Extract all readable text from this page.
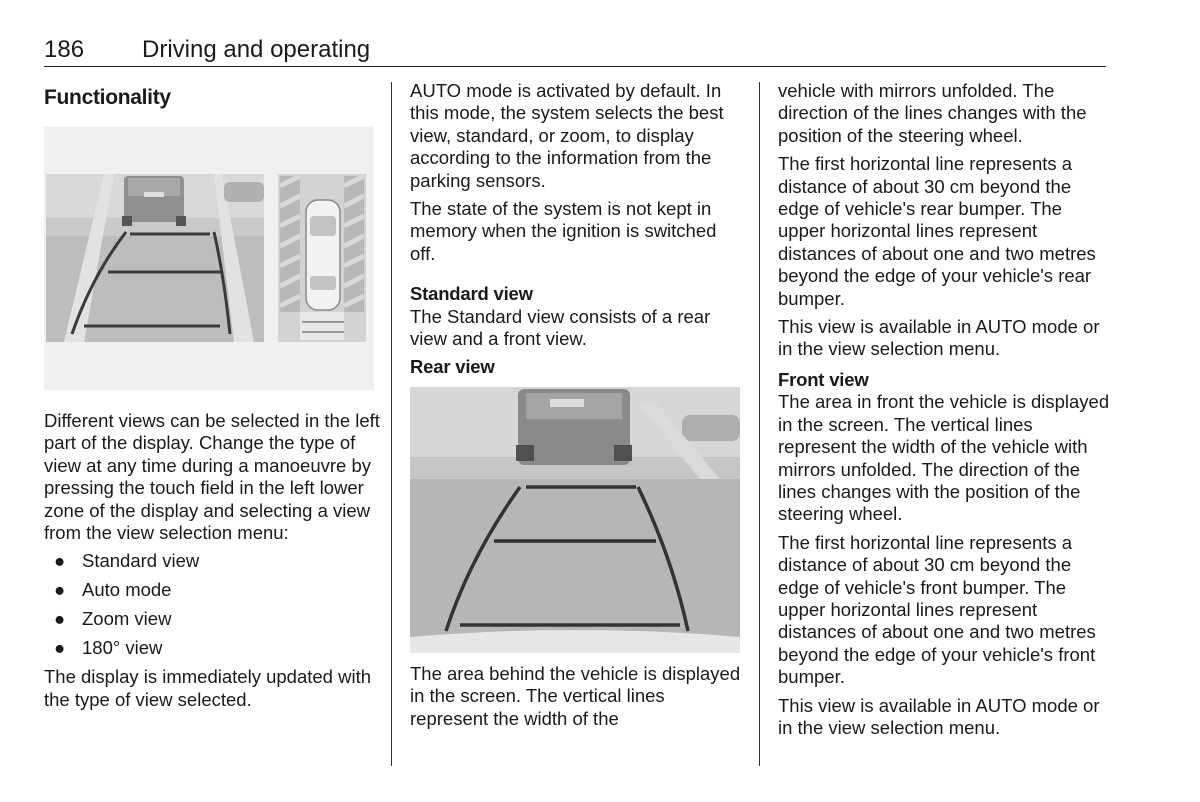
186 Driving and operating
Functionality

Different views can be selected in the left part of the display. Change the type of view at any time during a manoeuvre by pressing the touch field in the left lower zone of the display and selecting a view from the view selection menu:

● Standard view
● Auto mode
● Zoom view
● 180° view

The display is immediately updated with the type of view selected.

AUTO mode is activated by default. In this mode, the system selects the best view, standard, or zoom, to display according to the information from the parking sensors.

The state of the system is not kept in memory when the ignition is switched off.

Standard view

The Standard view consists of a rear view and a front view.

Rear view

The area behind the vehicle is displayed in the screen. The vertical lines represent the width of the

vehicle with mirrors unfolded. The direction of the lines changes with the position of the steering wheel.

The first horizontal line represents a distance of about 30 cm beyond the edge of vehicle's rear bumper. The upper horizontal lines represent distances of about one and two metres beyond the edge of your vehicle's rear bumper.

This view is available in AUTO mode or in the view selection menu.

Front view

The area in front the vehicle is displayed in the screen. The vertical lines represent the width of the vehicle with mirrors unfolded. The direction of the lines changes with the position of the steering wheel.

The first horizontal line represents a distance of about 30 cm beyond the edge of vehicle's front bumper. The upper horizontal lines represent distances of about one and two metres beyond the edge of your vehicle's front bumper.

This view is available in AUTO mode or in the view selection menu.
